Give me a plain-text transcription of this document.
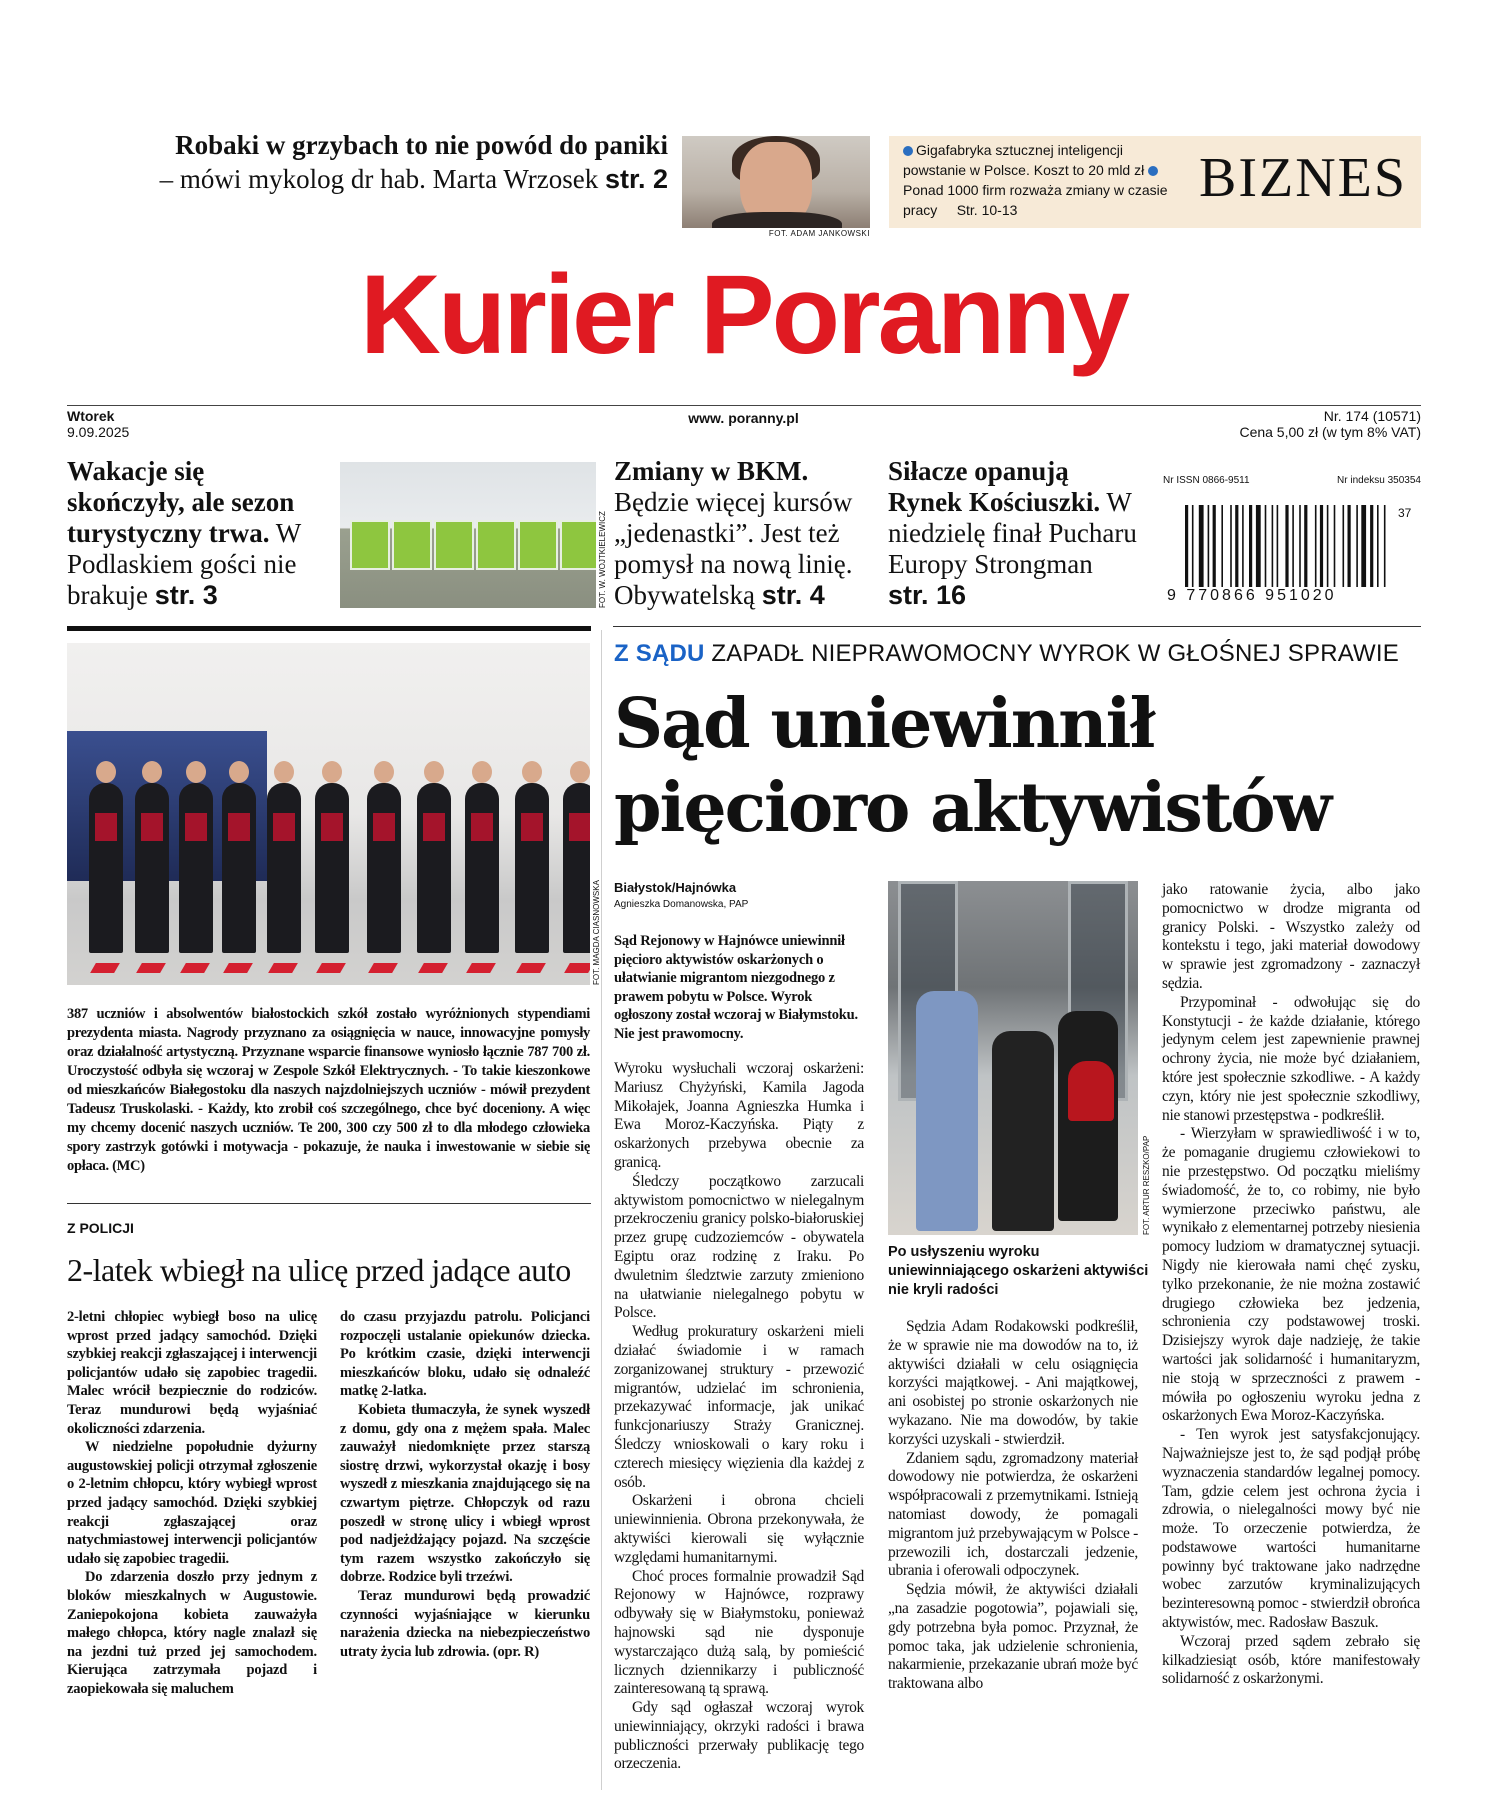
Robaki w grzybach to nie powód do paniki
– mówi mykolog dr hab. Marta Wrzosek str. 2
FOT. ADAM JANKOWSKI
Gigafabryka sztucznej inteligencji powstanie w Polsce. Koszt to 20 mld zł Ponad 1000 firm rozważa zmiany w czasie pracy Str. 10-13
BIZNES
Kurier Poranny
Wtorek
9.09.2025
www. poranny.pl	Nr. 174 (10571)
Cena 5,00 zł (w tym 8% VAT)
Wakacje się skończyły, ale sezon turystyczny trwa. W Podlaskiem gości nie brakuje str. 3	FOT. W. WOJTKIELEWICZ
Zmiany w BKM. Będzie więcej kursów „jedenastki”. Jest też pomysł na nową linię. Obywatelską str. 4
Siłacze opanują Rynek Kościuszki. W niedzielę finał Pucharu Europy Strongman str. 16
Nr ISSN 0866-9511	Nr indeksu 350354
9 770866 951020
37
FOT. MAGDA CIASNOWSKA
387 uczniów i absolwentów białostockich szkół zostało wyróżnionych stypendiami prezydenta miasta. Nagrody przyznano za osiągnięcia w nauce, innowacyjne pomysły oraz działalność artystyczną. Przyznane wsparcie finansowe wyniosło łącznie 787 700 zł. Uroczystość odbyła się wczoraj w Zespole Szkół Elektrycznych. - To takie kieszonkowe od mieszkańców Białegostoku dla naszych najzdolniejszych uczniów - mówił prezydent Tadeusz Truskolaski. - Każdy, kto zrobił coś szczególnego, chce być doceniony. A więc my chcemy docenić naszych uczniów. Te 200, 300 czy 500 zł to dla młodego człowieka spory zastrzyk gotówki i motywacja - pokazuje, że nauka i inwestowanie w siebie się opłaca. (MC)
Z POLICJI
2-latek wbiegł na ulicę przed jadące auto

2-letni chłopiec wybiegł boso na ulicę wprost przed jadący samochód. Dzięki szybkiej reakcji zgłaszającej i interwencji policjantów udało się zapobiec tragedii. Malec wrócił bezpiecznie do rodziców. Teraz mundurowi będą wyjaśniać okoliczności zdarzenia.

W niedzielne popołudnie dyżurny augustowskiej policji otrzymał zgłoszenie o 2-letnim chłopcu, który wybiegł wprost przed jadący samochód. Dzięki szybkiej reakcji zgłaszającej oraz natychmiastowej interwencji policjantów udało się zapobiec tragedii.

Do zdarzenia doszło przy jednym z bloków mieszkalnych w Augustowie. Zaniepokojona kobieta zauważyła małego chłopca, który nagle znalazł się na jezdni tuż przed jej samochodem. Kierująca zatrzymała pojazd i zaopiekowała się maluchem

do czasu przyjazdu patrolu. Policjanci rozpoczęli ustalanie opiekunów dziecka. Po krótkim czasie, dzięki interwencji mieszkańców bloku, udało się odnaleźć matkę 2-latka.

Kobieta tłumaczyła, że synek wyszedł z domu, gdy ona z mężem spała. Malec zauważył niedomknięte przez starszą siostrę drzwi, wykorzystał okazję i bosy wyszedł z mieszkania znajdującego się na czwartym piętrze. Chłopczyk od razu poszedł w stronę ulicy i wbiegł wprost pod nadjeżdżający pojazd. Na szczęście tym razem wszystko zakończyło się dobrze. Rodzice byli trzeźwi.

Teraz mundurowi będą prowadzić czynności wyjaśniające w kierunku narażenia dziecka na niebezpieczeństwo utraty życia lub zdrowia. (opr. R)

Z SĄDU ZAPADŁ NIEPRAWOMOCNY WYROK W GŁOŚNEJ SPRAWIE
Sąd uniewinnił
pięcioro aktywistów
Białystok/Hajnówka
Agnieszka Domanowska, PAP
Sąd Rejonowy w Hajnówce uniewinnił pięcioro aktywistów oskarżonych o ułatwianie migrantom niezgodnego z prawem pobytu w Polsce. Wyrok ogłoszony został wczoraj w Białymstoku. Nie jest prawomocny.

Wyroku wysłuchali wczoraj oskarżeni: Mariusz Chyżyński, Kamila Jagoda Mikołajek, Joanna Agnieszka Humka i Ewa Moroz-Kaczyńska. Piąty z oskarżonych przebywa obecnie za granicą.

Śledczy początkowo zarzucali aktywistom pomocnictwo w nielegalnym przekroczeniu granicy polsko-białoruskiej przez grupę cudzoziemców - obywatela Egiptu oraz rodzinę z Iraku. Po dwuletnim śledztwie zarzuty zmieniono na ułatwianie nielegalnego pobytu w Polsce.

Według prokuratury oskarżeni mieli działać świadomie i w ramach zorganizowanej struktury - przewozić migrantów, udzielać im schronienia, przekazywać informacje, jak unikać funkcjonariuszy Straży Granicznej. Śledczy wnioskowali o kary roku i czterech miesięcy więzienia dla każdej z osób.

Oskarżeni i obrona chcieli uniewinnienia. Obrona przekonywała, że aktywiści kierowali się wyłącznie względami humanitarnymi.

Choć proces formalnie prowadził Sąd Rejonowy w Hajnówce, rozprawy odbywały się w Białymstoku, ponieważ hajnowski sąd nie dysponuje wystarczająco dużą salą, by pomieścić licznych dziennikarzy i publiczność zainteresowaną tą sprawą.

Gdy sąd ogłaszał wczoraj wyrok uniewinniający, okrzyki radości i brawa publiczności przerwały publikację tego orzeczenia.

FOT. ARTUR RESZKO/PAP
Po usłyszeniu wyroku uniewinniającego oskarżeni aktywiści nie kryli radości

Sędzia Adam Rodakowski podkreślił, że w sprawie nie ma dowodów na to, iż aktywiści działali w celu osiągnięcia korzyści majątkowej. - Ani majątkowej, ani osobistej po stronie oskarżonych nie wykazano. Nie ma dowodów, by takie korzyści uzyskali - stwierdził.

Zdaniem sądu, zgromadzony materiał dowodowy nie potwierdza, że oskarżeni współpracowali z przemytnikami. Istnieją natomiast dowody, że pomagali migrantom już przebywającym w Polsce - przewozili ich, dostarczali jedzenie, ubrania i oferowali odpoczynek.

Sędzia mówił, że aktywiści działali „na zasadzie pogotowia”, pojawiali się, gdy potrzebna była pomoc. Przyznał, że pomoc taka, jak udzielenie schronienia, nakarmienie, przekazanie ubrań może być traktowana albo

jako ratowanie życia, albo jako pomocnictwo w drodze migranta od granicy Polski. - Wszystko zależy od kontekstu i tego, jaki materiał dowodowy w sprawie jest zgromadzony - zaznaczył sędzia.

Przypominał - odwołując się do Konstytucji - że każde działanie, którego jedynym celem jest zapewnienie prawnej ochrony życia, nie może być działaniem, które jest społecznie szkodliwe. - A każdy czyn, który nie jest społecznie szkodliwy, nie stanowi przestępstwa - podkreślił.

- Wierzyłam w sprawiedliwość i w to, że pomaganie drugiemu człowiekowi to nie przestępstwo. Od początku mieliśmy świadomość, że to, co robimy, nie było wymierzone przeciwko państwu, ale wynikało z elementarnej potrzeby niesienia pomocy ludziom w dramatycznej sytuacji. Nigdy nie kierowała nami chęć zysku, tylko przekonanie, że nie można zostawić drugiego człowieka bez jedzenia, schronienia czy podstawowej troski. Dzisiejszy wyrok daje nadzieję, że takie wartości jak solidarność i humanitaryzm, nie stoją w sprzeczności z prawem - mówiła po ogłoszeniu wyroku jedna z oskarżonych Ewa Moroz-Kaczyńska.

- Ten wyrok jest satysfakcjonujący. Najważniejsze jest to, że sąd podjął próbę wyznaczenia standardów legalnej pomocy. Tam, gdzie celem jest ochrona życia i zdrowia, o nielegalności mowy być nie może. To orzeczenie potwierdza, że podstawowe wartości humanitarne powinny być traktowane jako nadrzędne wobec zarzutów kryminalizujących bezinteresowną pomoc - stwierdził obrońca aktywistów, mec. Radosław Baszuk.

Wczoraj przed sądem zebrało się kilkadziesiąt osób, które manifestowały solidarność z oskarżonymi.
